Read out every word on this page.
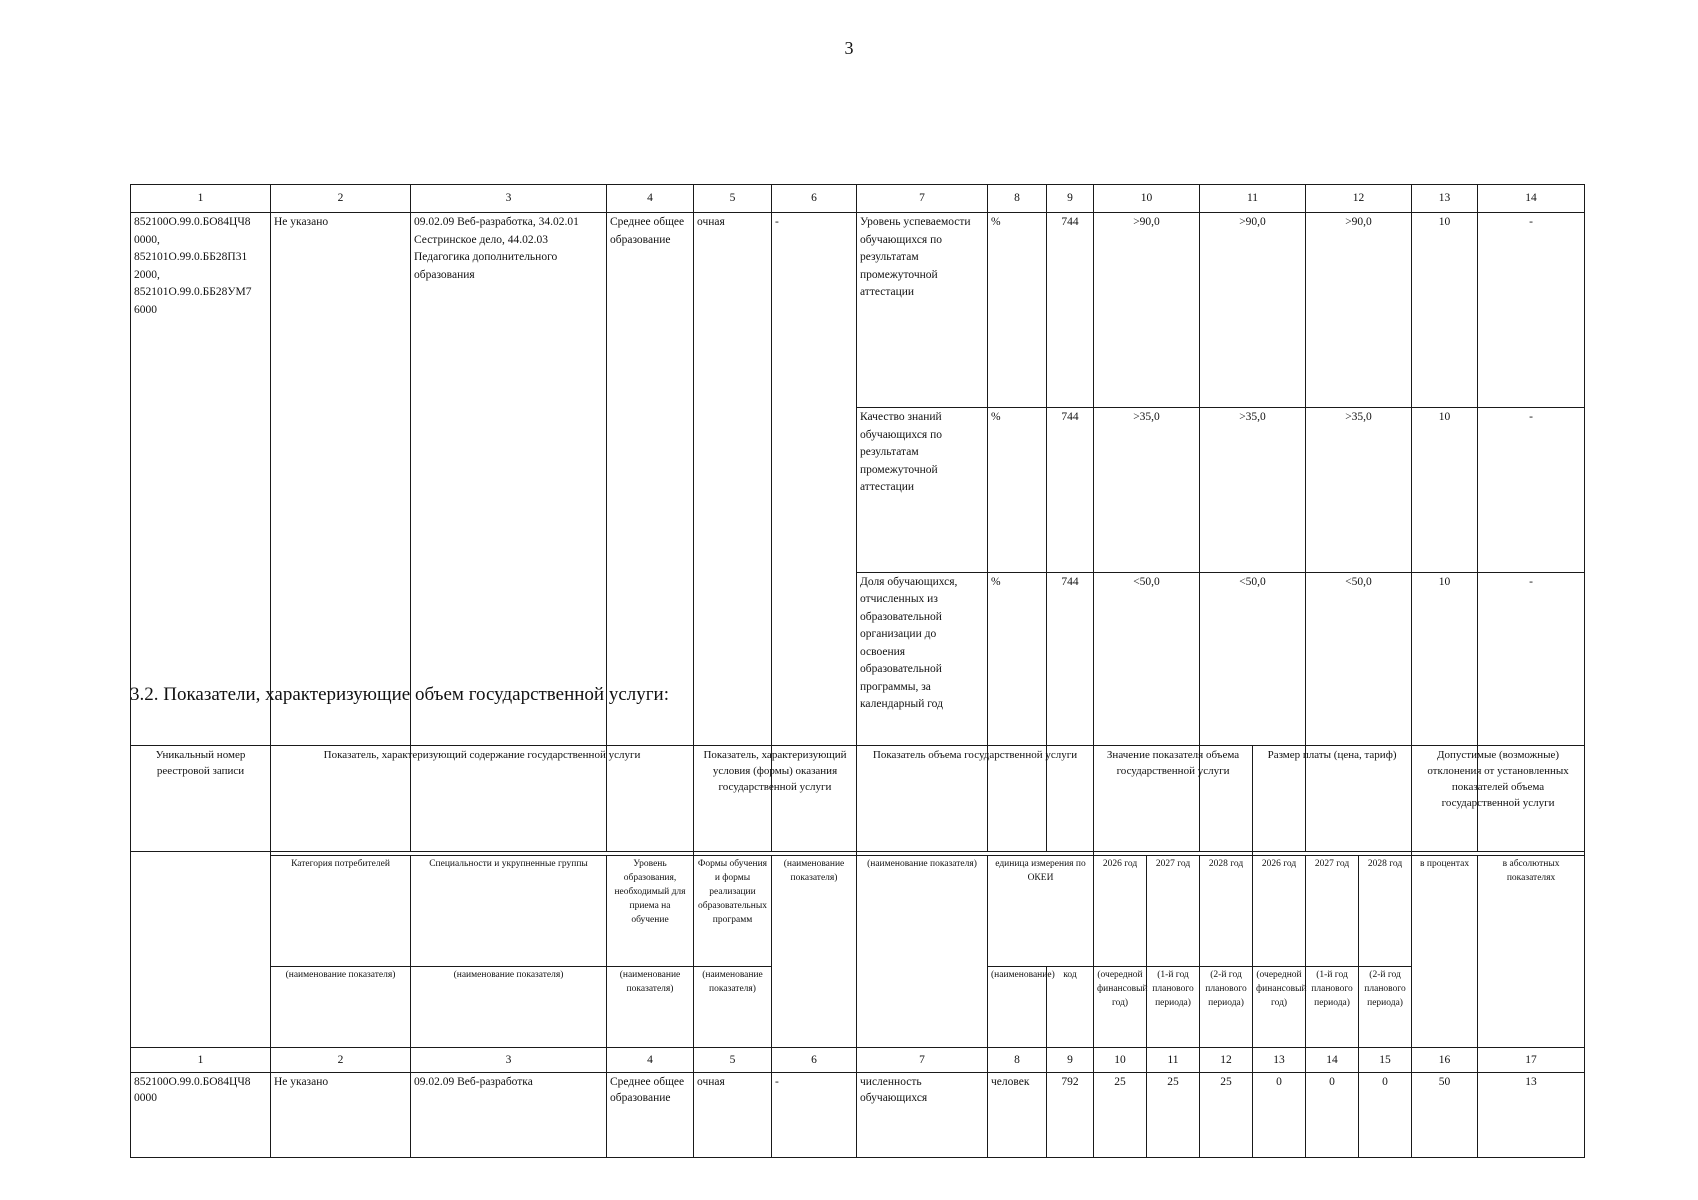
3
1	2	3	4	5	6	7	8	9	10	11	12	13	14
852100О.99.0.БО84ЦЧ8 0000, 852101О.99.0.ББ28П31 2000, 852101О.99.0.ББ28УМ7 6000	Не указано	09.02.09 Веб-разработка, 34.02.01 Сестринское дело, 44.02.03 Педагогика дополнительного образования	Среднее общее образование	очная	-	Уровень успеваемости обучающихся по результатам промежуточной аттестации	%	744	>90,0	>90,0	>90,0	10	-
						Качество знаний обучающихся по результатам промежуточной аттестации	%	744	>35,0	>35,0	>35,0	10	-
						Доля обучающихся, отчисленных из образовательной организации до освоения образовательной программы, за календарный год	%	744	<50,0	<50,0	<50,0	10	-
3.2. Показатели, характеризующие объем государственной услуги:
Уникальный номер реестровой записи	Показатель, характеризующий содержание государственной услуги			Показатель, характеризующий условия (формы) оказания государственной услуги		Показатель объема государственной услуги			Значение показателя объема государственной услуги			Размер платы (цена, тариф)			Допустимые (возможные) отклонения от установленных показателей объема государственной услуги	
	Категория потребителей	Специальности и укрупненные группы	Уровень образования, необходимый для приема на обучение	Формы обучения и формы реализации образовательных программ	(наименование показателя)	(наименование показателя)	единица измерения по ОКЕИ		2026 год	2027 год	2028 год	2026 год	2027 год	2028 год	в процентах	в абсолютных показателях
	(наименование показателя)	(наименование показателя)	(наименование показателя)	(наименование показателя)			(наименование)	код	(очередной финансовый год)	(1-й год планового периода)	(2-й год планового периода)	(очередной финансовый год)	(1-й год планового периода)	(2-й год планового периода)		
1	2	3	4	5	6	7	8	9	10	11	12	13	14	15	16	17
852100О.99.0.БО84ЦЧ8 0000	Не указано	09.02.09 Веб-разработка	Среднее общее образование	очная	-	численность обучающихся	человек	792	25	25	25	0	0	0	50	13
